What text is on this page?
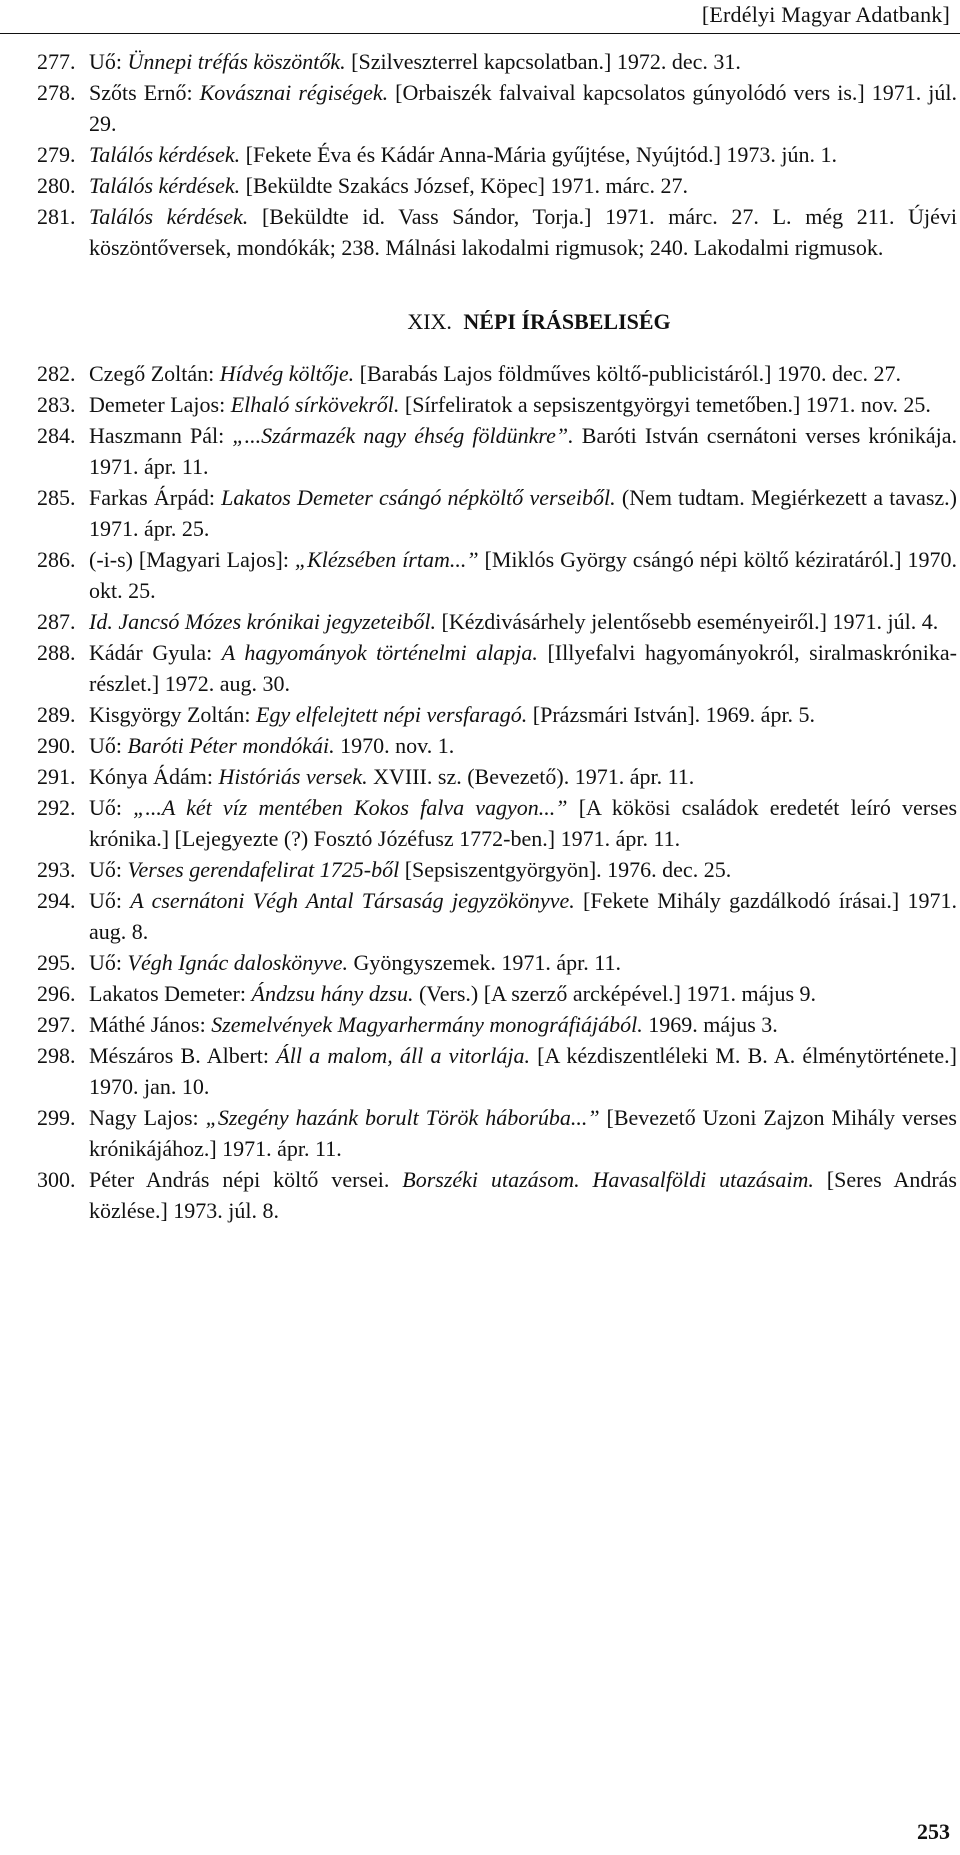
[Erdélyi Magyar Adatbank]
277. Uő: Ünnepi tréfás köszöntők. [Szilveszterrel kapcsolatban.] 1972. dec. 31.
278. Szőts Ernő: Kovásznai régiségek. [Orbaiszék falvaival kapcsolatos gúnyolódó vers is.] 1971. júl. 29.
279. Találós kérdések. [Fekete Éva és Kádár Anna-Mária gyűjtése, Nyújtód.] 1973. jún. 1.
280. Találós kérdések. [Beküldte Szakács József, Köpec] 1971. márc. 27.
281. Találós kérdések. [Beküldte id. Vass Sándor, Torja.] 1971. márc. 27. L. még 211. Újévi köszöntőversek, mondókák; 238. Málnási lakodalmi rigmusok; 240. Lakodalmi rigmusok.
XIX. NÉPI ÍRÁSBELISÉG
282. Czegő Zoltán: Hídvég költője. [Barabás Lajos földműves költő-publicistáról.] 1970. dec. 27.
283. Demeter Lajos: Elhaló sírkövekről. [Sírfeliratok a sepsiszentgyörgyi temetőben.] 1971. nov. 25.
284. Haszmann Pál: „...Származék nagy éhség földünkre”. Baróti István csernátoni verses krónikája. 1971. ápr. 11.
285. Farkas Árpád: Lakatos Demeter csángó népköltő verseiből. (Nem tudtam. Megiérkezett a tavasz.) 1971. ápr. 25.
286. (-i-s) [Magyari Lajos]: „Klézsében írtam...” [Miklós György csángó népi költő kéziratáról.] 1970. okt. 25.
287. Id. Jancsó Mózes krónikai jegyzeteiből. [Kézdivásárhely jelentősebb eseményeiről.] 1971. júl. 4.
288. Kádár Gyula: A hagyományok történelmi alapja. [Illyefalvi hagyományokról, siralmaskrónika-részlet.] 1972. aug. 30.
289. Kisgyörgy Zoltán: Egy elfelejtett népi versfaragó. [Prázsmári István]. 1969. ápr. 5.
290. Uő: Baróti Péter mondókái. 1970. nov. 1.
291. Kónya Ádám: Históriás versek. XVIII. sz. (Bevezető). 1971. ápr. 11.
292. Uő: „...A két víz mentében Kokos falva vagyon...” [A kökösi családok eredetét leíró verses krónika.] [Lejegyezte (?) Fosztó Józéfusz 1772-ben.] 1971. ápr. 11.
293. Uő: Verses gerendafelirat 1725-ből [Sepsiszentgyörgyön]. 1976. dec. 25.
294. Uő: A csernátoni Végh Antal Társaság jegyzökönyve. [Fekete Mihály gazdálkodó írásai.] 1971. aug. 8.
295. Uő: Végh Ignác daloskönyve. Gyöngyszemek. 1971. ápr. 11.
296. Lakatos Demeter: Ándzsu hány dzsu. (Vers.) [A szerző arcképével.] 1971. május 9.
297. Máthé János: Szemelvények Magyarhermány monográfiájából. 1969. május 3.
298. Mészáros B. Albert: Áll a malom, áll a vitorlája. [A kézdiszentléleki M. B. A. élménytörténete.] 1970. jan. 10.
299. Nagy Lajos: „Szegény hazánk borult Török háborúba...” [Bevezető Uzoni Zajzon Mihály verses krónikájához.] 1971. ápr. 11.
300. Péter András népi költő versei. Borszéki utazásom. Havasalföldi utazásaim. [Seres András közlése.] 1973. júl. 8.
253
